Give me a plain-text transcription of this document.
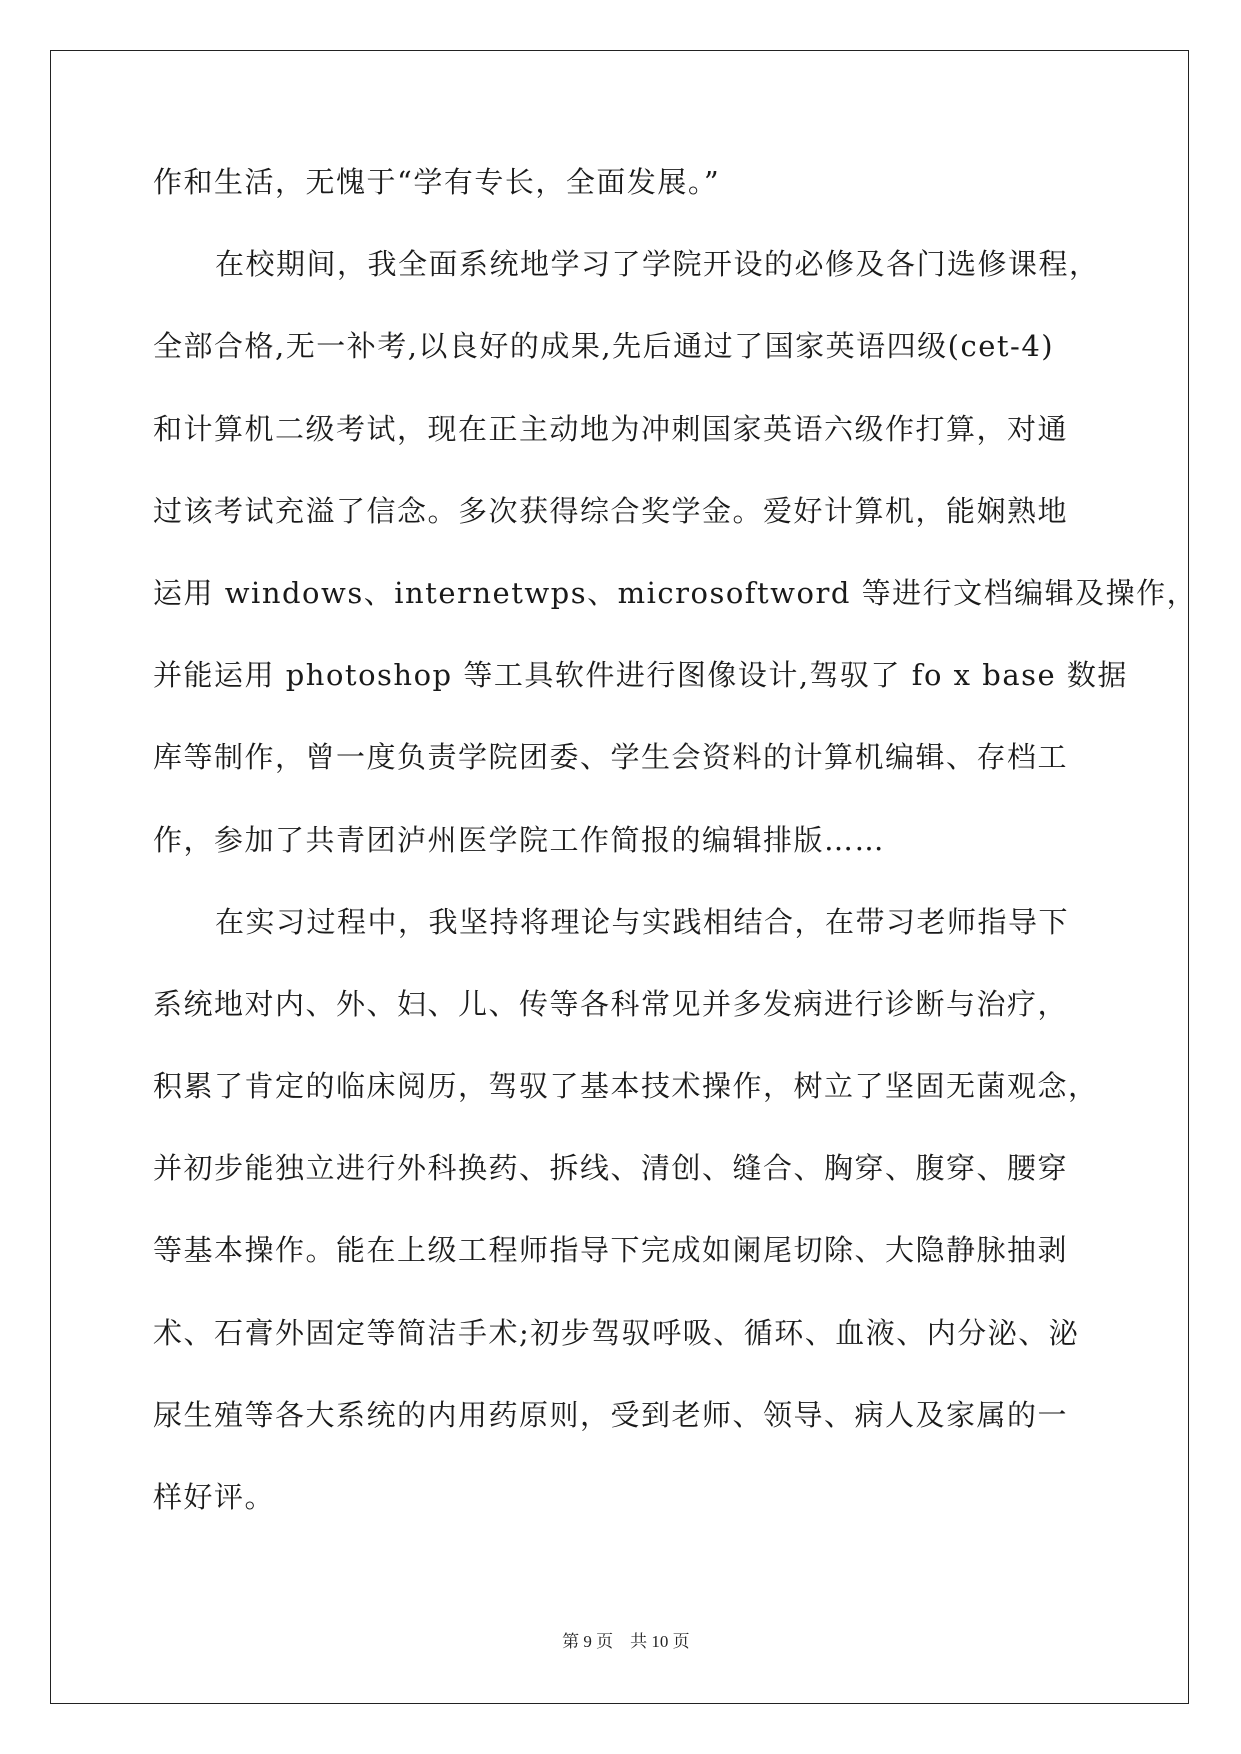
作和生活，无愧于“学有专长，全面发展。”
在校期间，我全面系统地学习了学院开设的必修及各门选修课程，
全部合格,无一补考,以良好的成果,先后通过了国家英语四级(cet-4)
和计算机二级考试，现在正主动地为冲刺国家英语六级作打算，对通
过该考试充溢了信念。多次获得综合奖学金。爱好计算机，能娴熟地
运用 windows、internetwps、microsoftword 等进行文档编辑及操作，
并能运用 photoshop 等工具软件进行图像设计,驾驭了 fo x base 数据
库等制作，曾一度负责学院团委、学生会资料的计算机编辑、存档工
作，参加了共青团泸州医学院工作简报的编辑排版……
在实习过程中，我坚持将理论与实践相结合，在带习老师指导下
系统地对内、外、妇、儿、传等各科常见并多发病进行诊断与治疗，
积累了肯定的临床阅历，驾驭了基本技术操作，树立了坚固无菌观念，
并初步能独立进行外科换药、拆线、清创、缝合、胸穿、腹穿、腰穿
等基本操作。能在上级工程师指导下完成如阑尾切除、大隐静脉抽剥
术、石膏外固定等简洁手术;初步驾驭呼吸、循环、血液、内分泌、泌
尿生殖等各大系统的内用药原则，受到老师、领导、病人及家属的一
样好评。

第 9 页    共 10 页
